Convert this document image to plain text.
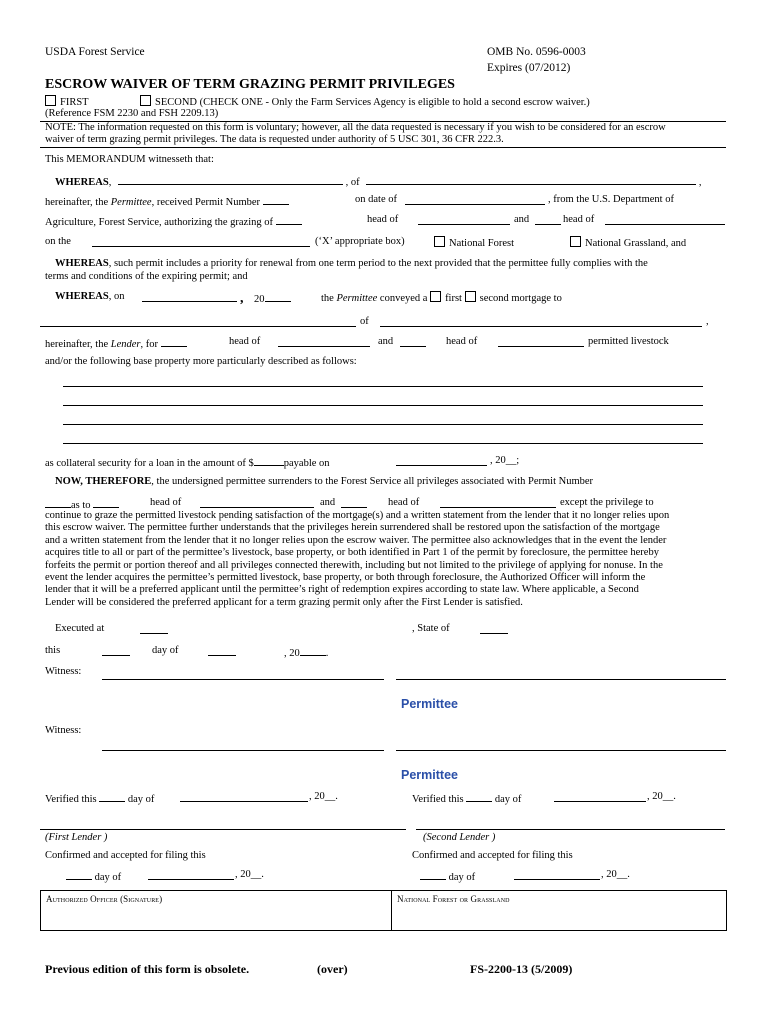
USDA Forest Service	OMB No. 0596-0003
Expires (07/2012)
ESCROW WAIVER OF TERM GRAZING PERMIT PRIVILEGES
FIRST	SECOND (CHECK ONE - Only the Farm Services Agency is eligible to hold a second escrow waiver.)
(Reference FSM 2230 and FSH 2209.13)
NOTE: The information requested on this form is voluntary; however, all the data requested is necessary if you wish to be considered for an escrow
waiver of term grazing permit privileges. The data is requested under authority of 5 USC 301, 36 CFR 222.3.
This MEMORANDUM witnesseth that:
WHEREAS,	, of	,
hereinafter, the Permittee, received Permit Number	on date of	, from the U.S. Department of
Agriculture, Forest Service, authorizing the grazing of	head of	and	head of
on the	(‘X’ appropriate box)	National Forest	National Grassland, and
WHEREAS, such permit includes a priority for renewal from one term period to the next provided that the permittee fully complies with the
terms and conditions of the expiring permit; and
WHEREAS, on	, 20	the Permittee conveyed a first second mortgage to
of	,
hereinafter, the Lender, for	head of	and	head of	permitted livestock
and/or the following base property more particularly described as follows:
as collateral security for a loan in the amount of $	payable on	, 20__;
NOW, THEREFORE, the undersigned permittee surrenders to the Forest Service all privileges associated with Permit Number
as to	head of	and	head of	except the privilege to
continue to graze the permitted livestock pending satisfaction of the mortgage(s) and a written statement from the lender that it no longer relies upon
this escrow waiver. The permittee further understands that the privileges herein surrendered shall be restored upon the satisfaction of the mortgage
and a written statement from the lender that it no longer relies upon the escrow waiver. The permittee also acknowledges that in the event the lender
acquires title to all or part of the permittee’s livestock, base property, or both identified in Part 1 of the permit by foreclosure, the permittee hereby
forfeits the permit or portion thereof and all privileges connected therewith, including but not limited to the privilege of applying for nonuse. In the
event the lender acquires the permittee’s permitted livestock, base property, or both through foreclosure, the Authorized Officer will inform the
lender that it will be a preferred applicant until the permittee’s right of redemption expires according to state law. Where applicable, a Second
Lender will be considered the preferred applicant for a term grazing permit only after the First Lender is satisfied.
Executed at	, State of
this	day of	, 20 .
Witness:
Permittee
Witness:
Permittee
Verified this	day of	, 20__.	Verified this	day of	, 20__.
(First Lender )	(Second Lender )
Confirmed and accepted for filing this	Confirmed and accepted for filing this
day of	, 20__.	day of	, 20__.
Authorized Officer (Signature)	National Forest or Grassland
Previous edition of this form is obsolete.	(over)	FS-2200-13 (5/2009)
